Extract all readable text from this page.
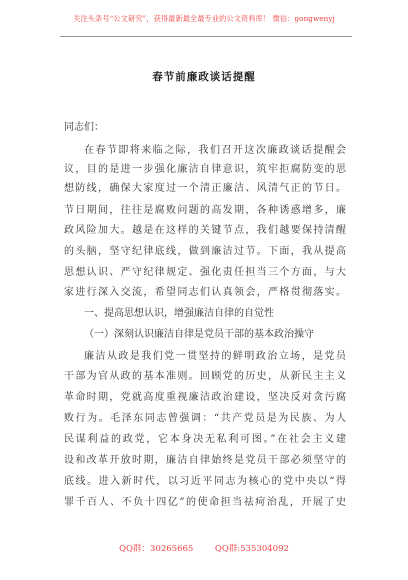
关注头条号“公文研究”，获得最新最全最专业的公文资料库！ 微信：gongwenyj
春节前廉政谈话提醒
同志们：
在春节即将来临之际，我们召开这次廉政谈话提醒会
议，目的是进一步强化廉洁自律意识，筑牢拒腐防变的思
想防线，确保大家度过一个清正廉洁、风清气正的节日。
节日期间，往往是腐败问题的高发期，各种诱惑增多，廉
政风险加大。越是在这样的关键节点，我们越要保持清醒
的头脑，坚守纪律底线，做到廉洁过节。下面，我从提高
思想认识、严守纪律规定、强化责任担当三个方面，与大
家进行深入交流，希望同志们认真领会，严格贯彻落实。
一、提高思想认识，增强廉洁自律的自觉性
（一）深刻认识廉洁自律是党员干部的基本政治操守
廉洁从政是我们党一贯坚持的鲜明政治立场，是党员
干部为官从政的基本准则。回顾党的历史，从新民主主义
革命时期，党就高度重视廉洁政治建设，坚决反对贪污腐
败行为。毛泽东同志曾强调：“共产党员是为民族、为人
民谋利益的政党，它本身决无私利可图。”在社会主义建
设和改革开放时期，廉洁自律始终是党员干部必须坚守的
底线。进入新时代，以习近平同志为核心的党中央以“得
罪千百人、不负十四亿”的使命担当祛疴治乱，开展了史
QQ群：30265665        QQ群:535304092
